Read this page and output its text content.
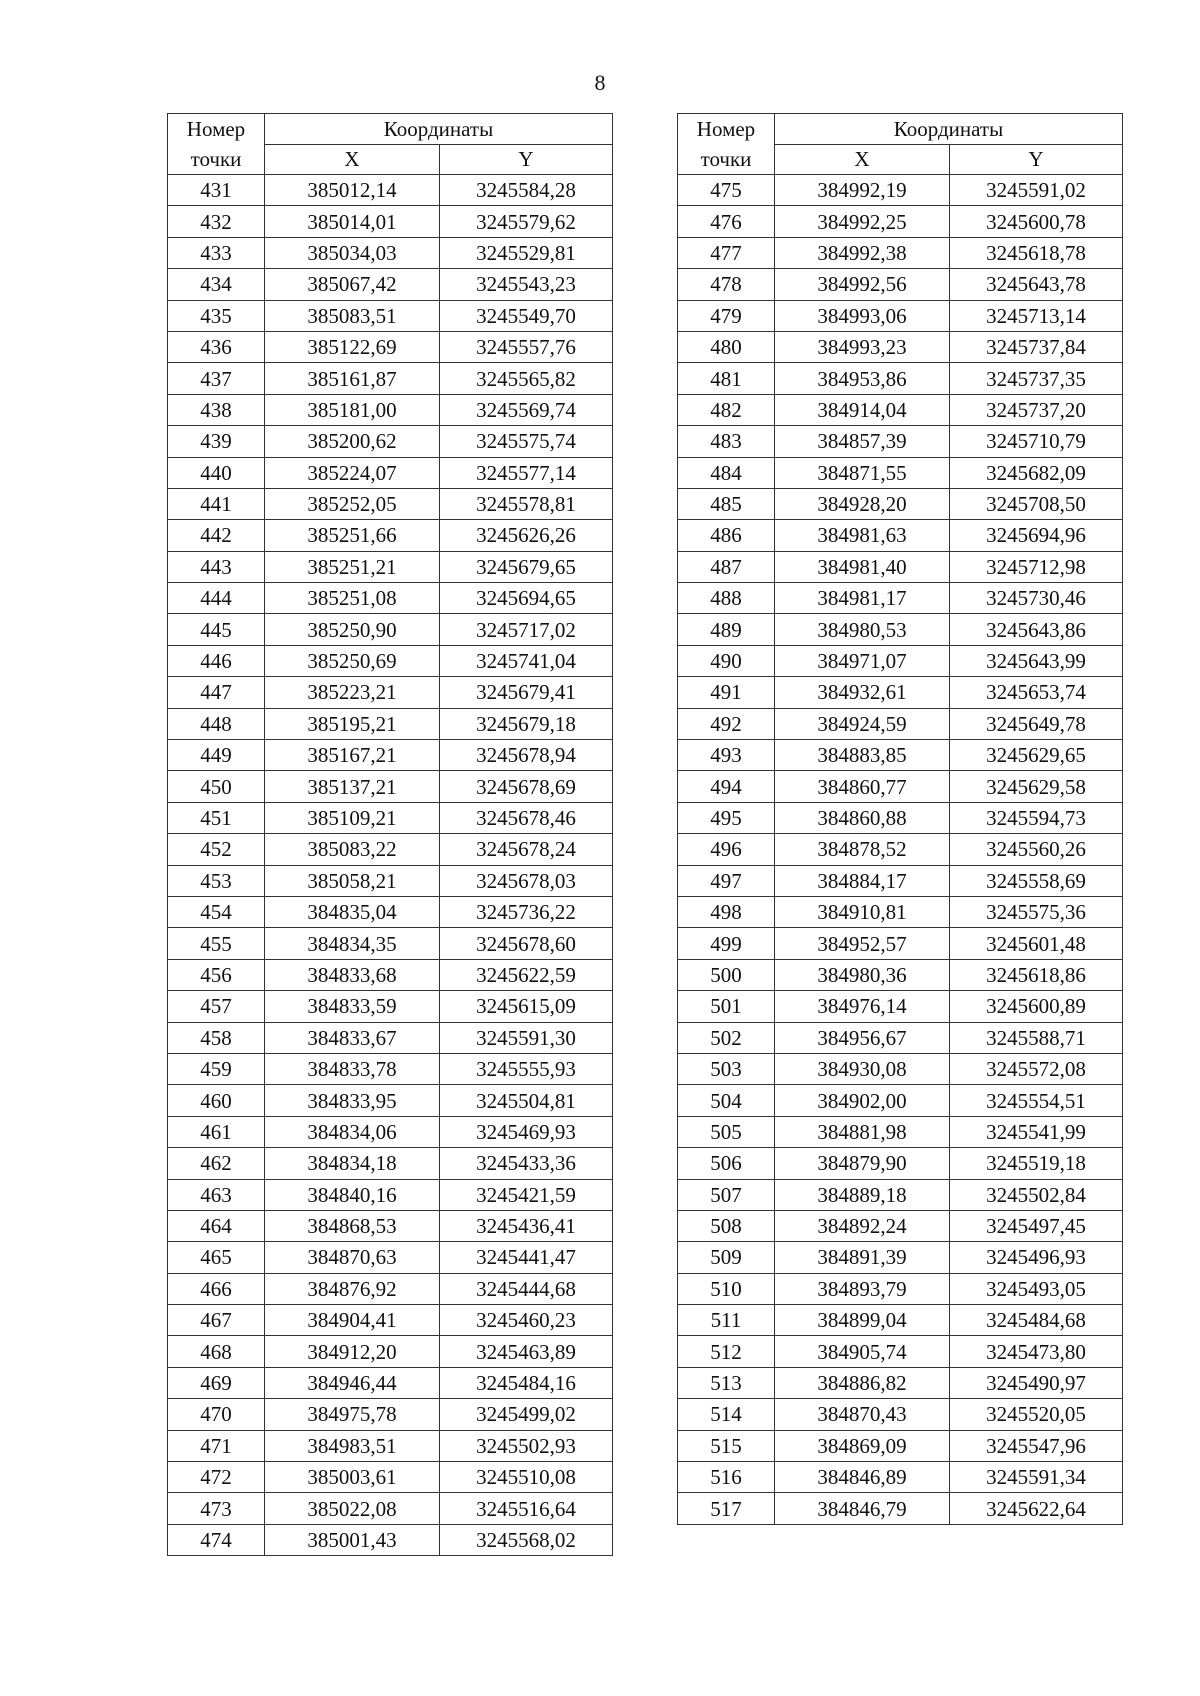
8
Номер
точки	Координаты	
	X	Y
431	385012,14	3245584,28
432	385014,01	3245579,62
433	385034,03	3245529,81
434	385067,42	3245543,23
435	385083,51	3245549,70
436	385122,69	3245557,76
437	385161,87	3245565,82
438	385181,00	3245569,74
439	385200,62	3245575,74
440	385224,07	3245577,14
441	385252,05	3245578,81
442	385251,66	3245626,26
443	385251,21	3245679,65
444	385251,08	3245694,65
445	385250,90	3245717,02
446	385250,69	3245741,04
447	385223,21	3245679,41
448	385195,21	3245679,18
449	385167,21	3245678,94
450	385137,21	3245678,69
451	385109,21	3245678,46
452	385083,22	3245678,24
453	385058,21	3245678,03
454	384835,04	3245736,22
455	384834,35	3245678,60
456	384833,68	3245622,59
457	384833,59	3245615,09
458	384833,67	3245591,30
459	384833,78	3245555,93
460	384833,95	3245504,81
461	384834,06	3245469,93
462	384834,18	3245433,36
463	384840,16	3245421,59
464	384868,53	3245436,41
465	384870,63	3245441,47
466	384876,92	3245444,68
467	384904,41	3245460,23
468	384912,20	3245463,89
469	384946,44	3245484,16
470	384975,78	3245499,02
471	384983,51	3245502,93
472	385003,61	3245510,08
473	385022,08	3245516,64
474	385001,43	3245568,02
Номер
точки	Координаты	
	X	Y
475	384992,19	3245591,02
476	384992,25	3245600,78
477	384992,38	3245618,78
478	384992,56	3245643,78
479	384993,06	3245713,14
480	384993,23	3245737,84
481	384953,86	3245737,35
482	384914,04	3245737,20
483	384857,39	3245710,79
484	384871,55	3245682,09
485	384928,20	3245708,50
486	384981,63	3245694,96
487	384981,40	3245712,98
488	384981,17	3245730,46
489	384980,53	3245643,86
490	384971,07	3245643,99
491	384932,61	3245653,74
492	384924,59	3245649,78
493	384883,85	3245629,65
494	384860,77	3245629,58
495	384860,88	3245594,73
496	384878,52	3245560,26
497	384884,17	3245558,69
498	384910,81	3245575,36
499	384952,57	3245601,48
500	384980,36	3245618,86
501	384976,14	3245600,89
502	384956,67	3245588,71
503	384930,08	3245572,08
504	384902,00	3245554,51
505	384881,98	3245541,99
506	384879,90	3245519,18
507	384889,18	3245502,84
508	384892,24	3245497,45
509	384891,39	3245496,93
510	384893,79	3245493,05
511	384899,04	3245484,68
512	384905,74	3245473,80
513	384886,82	3245490,97
514	384870,43	3245520,05
515	384869,09	3245547,96
516	384846,89	3245591,34
517	384846,79	3245622,64
